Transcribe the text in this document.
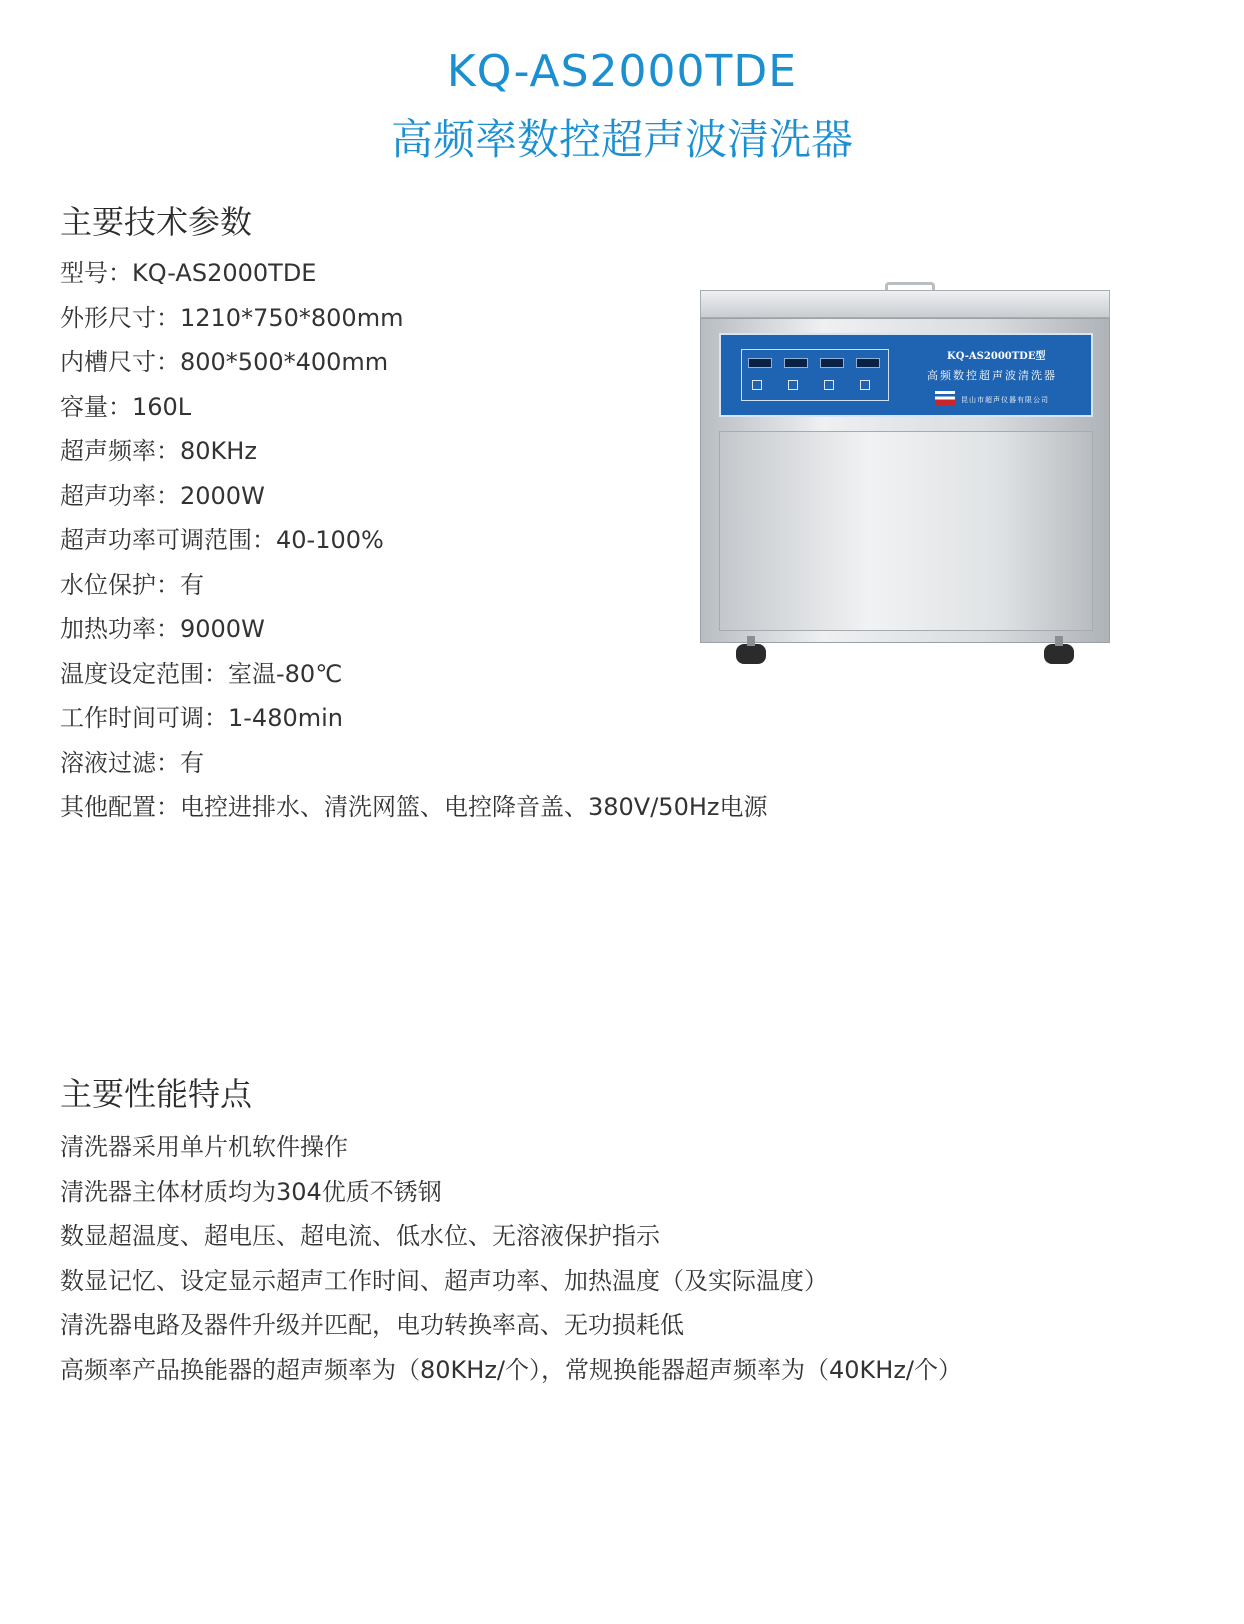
KQ-AS2000TDE
高频率数控超声波清洗器
主要技术参数
型号：KQ-AS2000TDE
外形尺寸：1210*750*800mm
内槽尺寸：800*500*400mm
容量：160L
超声频率：80KHz
超声功率：2000W
超声功率可调范围：40-100%
水位保护：有
加热功率：9000W
温度设定范围：室温-80℃
工作时间可调：1-480min
溶液过滤：有
其他配置：电控进排水、清洗网篮、电控降音盖、380V/50Hz电源
KQ-AS2000TDE型
高频数控超声波清洗器
昆山市超声仪器有限公司
主要性能特点
清洗器采用单片机软件操作
清洗器主体材质均为304优质不锈钢
数显超温度、超电压、超电流、低水位、无溶液保护指示
数显记忆、设定显示超声工作时间、超声功率、加热温度（及实际温度）
清洗器电路及器件升级并匹配，电功转换率高、无功损耗低
高频率产品换能器的超声频率为（80KHz/个），常规换能器超声频率为（40KHz/个）
